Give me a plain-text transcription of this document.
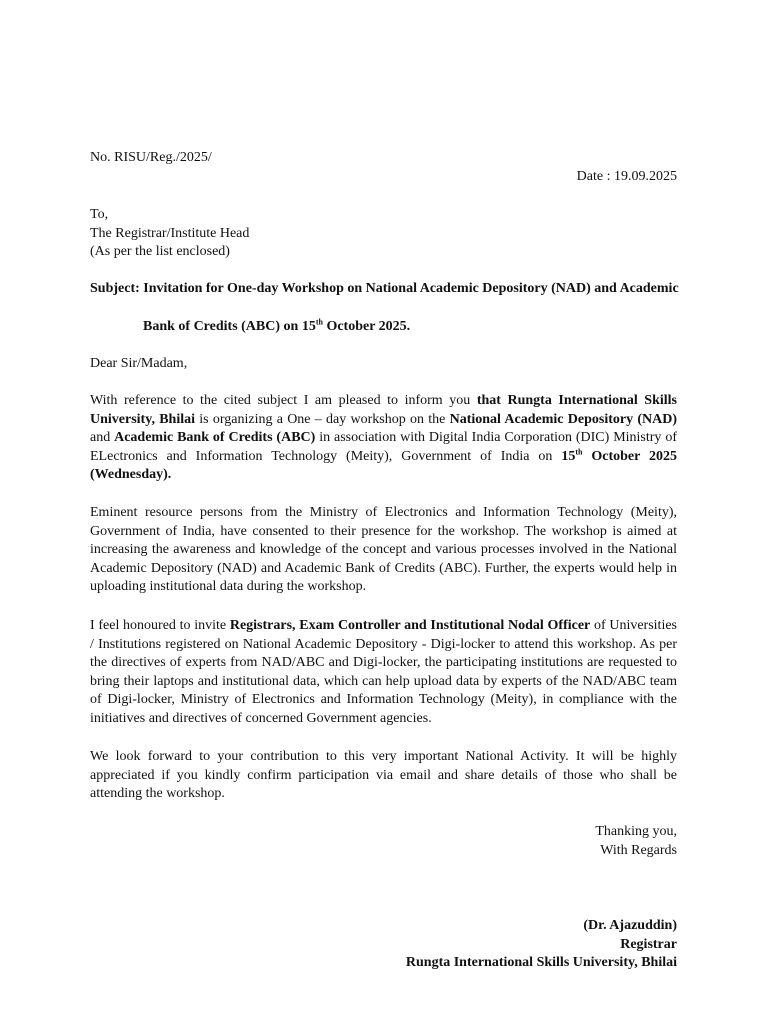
No. RISU/Reg./2025/
Date : 19.09.2025
To,
The Registrar/Institute Head
(As per the list enclosed)
Subject: Invitation for One-day Workshop on National Academic Depository (NAD) and Academic
Bank of Credits (ABC) on 15th October 2025.
Dear Sir/Madam,
With reference to the cited subject I am pleased to inform you that Rungta International Skills University, Bhilai is organizing a One – day workshop on the National Academic Depository (NAD) and Academic Bank of Credits (ABC) in association with Digital India Corporation (DIC) Ministry of ELectronics and Information Technology (Meity), Government of India on 15th October 2025 (Wednesday).
Eminent resource persons from the Ministry of Electronics and Information Technology (Meity), Government of India, have consented to their presence for the workshop. The workshop is aimed at increasing the awareness and knowledge of the concept and various processes involved in the National Academic Depository (NAD) and Academic Bank of Credits (ABC). Further, the experts would help in uploading institutional data during the workshop.
I feel honoured to invite Registrars, Exam Controller and Institutional Nodal Officer of Universities / Institutions registered on National Academic Depository - Digi-locker to attend this workshop. As per the directives of experts from NAD/ABC and Digi-locker, the participating institutions are requested to bring their laptops and institutional data, which can help upload data by experts of the NAD/ABC team of Digi-locker, Ministry of Electronics and Information Technology (Meity), in compliance with the initiatives and directives of concerned Government agencies.
We look forward to your contribution to this very important National Activity. It will be highly appreciated if you kindly confirm participation via email and share details of those who shall be attending the workshop.
Thanking you,
With Regards
(Dr. Ajazuddin)
Registrar
Rungta International Skills University, Bhilai
